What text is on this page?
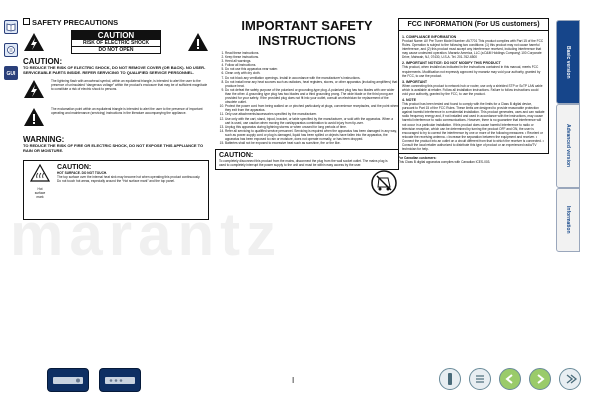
GUI
marantz
SAFETY PRECAUTIONS
CAUTION
RISK OF ELECTRIC SHOCK
DO NOT OPEN
CAUTION:
TO REDUCE THE RISK OF ELECTRIC SHOCK, DO NOT REMOVE COVER (OR BACK). NO USER-SERVICEABLE PARTS INSIDE. REFER SERVICING TO QUALIFIED SERVICE PERSONNEL.
The lightning flash with arrowhead symbol, within an equilateral triangle, is intended to alert the user to the presence of uninsulated “dangerous voltage” within the product’s enclosure that may be of sufficient magnitude to constitute a risk of electric shock to persons.
The exclamation point within an equilateral triangle is intended to alert the user to the presence of important operating and maintenance (servicing) instructions in the literature accompanying the appliance.
WARNING:
TO REDUCE THE RISK OF FIRE OR ELECTRIC SHOCK, DO NOT EXPOSE THIS APPLIANCE TO RAIN OR MOISTURE.
Hot
surface
mark
CAUTION:
HOT SURFACE. DO NOT TOUCH.
The top surface over the internal heat sink may become hot when operating this product continuously. Do not touch hot areas, especially around the “Hot surface mark” and the top panel.
IMPORTANT SAFETY
INSTRUCTIONS
1. Read these instructions.
2. Keep these instructions.
3. Heed all warnings.
4. Follow all instructions.
5. Do not use this apparatus near water.
6. Clean only with dry cloth.
7. Do not block any ventilation openings. Install in accordance with the manufacturer’s instructions.
8. Do not install near any heat sources such as radiators, heat registers, stoves, or other apparatus (including amplifiers) that produce heat.
9. Do not defeat the safety purpose of the polarized or grounding-type plug. A polarized plug has two blades with one wider than the other. A grounding type plug has two blades and a third grounding prong. The wide blade or the third prong are provided for your safety. If the provided plug does not fit into your outlet, consult an electrician for replacement of the obsolete outlet.
10. Protect the power cord from being walked on or pinched particularly at plugs, convenience receptacles, and the point where they exit from the apparatus.
11. Only use attachments/accessories specified by the manufacturer.
12. Use only with the cart, stand, tripod, bracket, or table specified by the manufacturer, or sold with the apparatus. When a cart is used, use caution when moving the cart/apparatus combination to avoid injury from tip-over.
13. Unplug this apparatus during lightning storms or when unused for long periods of time.
14. Refer all servicing to qualified service personnel. Servicing is required when the apparatus has been damaged in any way, such as power-supply cord or plug is damaged, liquid has been spilled or objects have fallen into the apparatus, the apparatus has been exposed to rain or moisture, does not operate normally, or has been dropped.
15. Batteries shall not be exposed to excessive heat such as sunshine, fire or the like.
CAUTION:
To completely disconnect this product from the mains, disconnect the plug from the wall socket outlet. The mains plug is used to completely interrupt the power supply to the unit and must be within easy access by the user.
FCC INFORMATION (For US customers)
1. COMPLIANCE INFORMATION
Product Name: AV Pre Tuner Model Number: AV7701 This product complies with Part 15 of the FCC Rules. Operation is subject to the following two conditions: (1) this product may not cause harmful interference, and (2) this product must accept any interference received, including interference that may cause undesired operation. Marantz America, LLC (a D&M Holdings Company) 100 Corporate Drive, Mahwah, NJ, 07430, U.S.A. Tel. 201-762-6500
2. IMPORTANT NOTICE: DO NOT MODIFY THIS PRODUCT
This product, when installed as indicated in the instructions contained in this manual, meets FCC requirements. Modification not expressly approved by marantz may void your authority, granted by the FCC, to use the product.
3. IMPORTANT
When connecting this product to network hub or router, use only a shielded STP or ScTP LAN cable which is available at retailer. Follow all installation instructions. Failure to follow instructions could void your authority, granted by the FCC, to use the product.
4. NOTE
This product has been tested and found to comply with the limits for a Class B digital device, pursuant to Part 15 of the FCC Rules. These limits are designed to provide reasonable protection against harmful interference in a residential installation. This product generates, uses and can radiate radio frequency energy and, if not installed and used in accordance with the instructions, may cause harmful interference to radio communications. However, there is no guarantee that interference will not occur in a particular installation. If this product does cause harmful interference to radio or television reception, which can be determined by turning the product OFF and ON, the user is encouraged to try to correct the interference by one or more of the following measures: • Reorient or relocate the receiving antenna. • Increase the separation between the equipment and receiver. • Connect the product into an outlet on a circuit different from that to which the receiver is connected. • Consult the local retailer authorized to distribute this type of product or an experienced radio/TV technician for help.
For Canadian customers:
This Class B digital apparatus complies with Canadian ICES-003.
Basic version
Advanced version
Information
I
